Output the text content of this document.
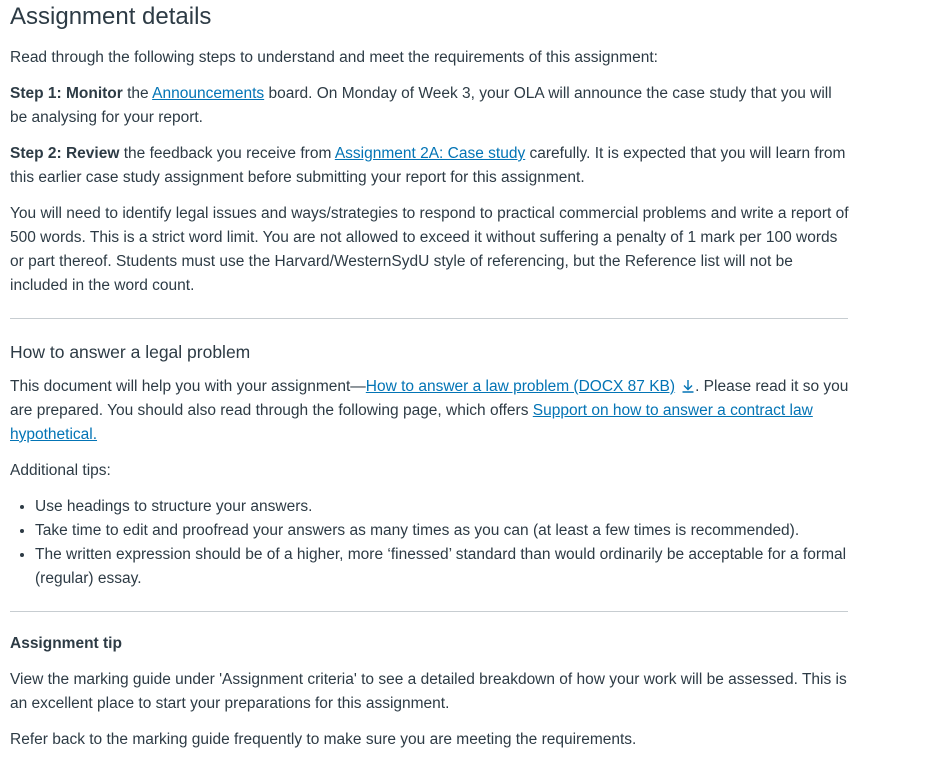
Assignment details

Read through the following steps to understand and meet the requirements of this assignment:

Step 1: Monitor the Announcements board. On Monday of Week 3, your OLA will announce the case study that you will be analysing for your report.

Step 2: Review the feedback you receive from Assignment 2A: Case study carefully. It is expected that you will learn from this earlier case study assignment before submitting your report for this assignment.

You will need to identify legal issues and ways/strategies to respond to practical commercial problems and write a report of 500 words. This is a strict word limit. You are not allowed to exceed it without suffering a penalty of 1 mark per 100 words or part thereof. Students must use the Harvard/WesternSydU style of referencing, but the Reference list will not be included in the word count.

How to answer a legal problem

This document will help you with your assignment—How to answer a law problem (DOCX 87 KB) . Please read it so you are prepared. You should also read through the following page, which offers Support on how to answer a contract law hypothetical.

Additional tips:

• Use headings to structure your answers.
• Take time to edit and proofread your answers as many times as you can (at least a few times is recommended).
• The written expression should be of a higher, more ‘finessed’ standard than would ordinarily be acceptable for a formal (regular) essay.
Assignment tip

View the marking guide under 'Assignment criteria' to see a detailed breakdown of how your work will be assessed. This is an excellent place to start your preparations for this assignment.

Refer back to the marking guide frequently to make sure you are meeting the requirements.
